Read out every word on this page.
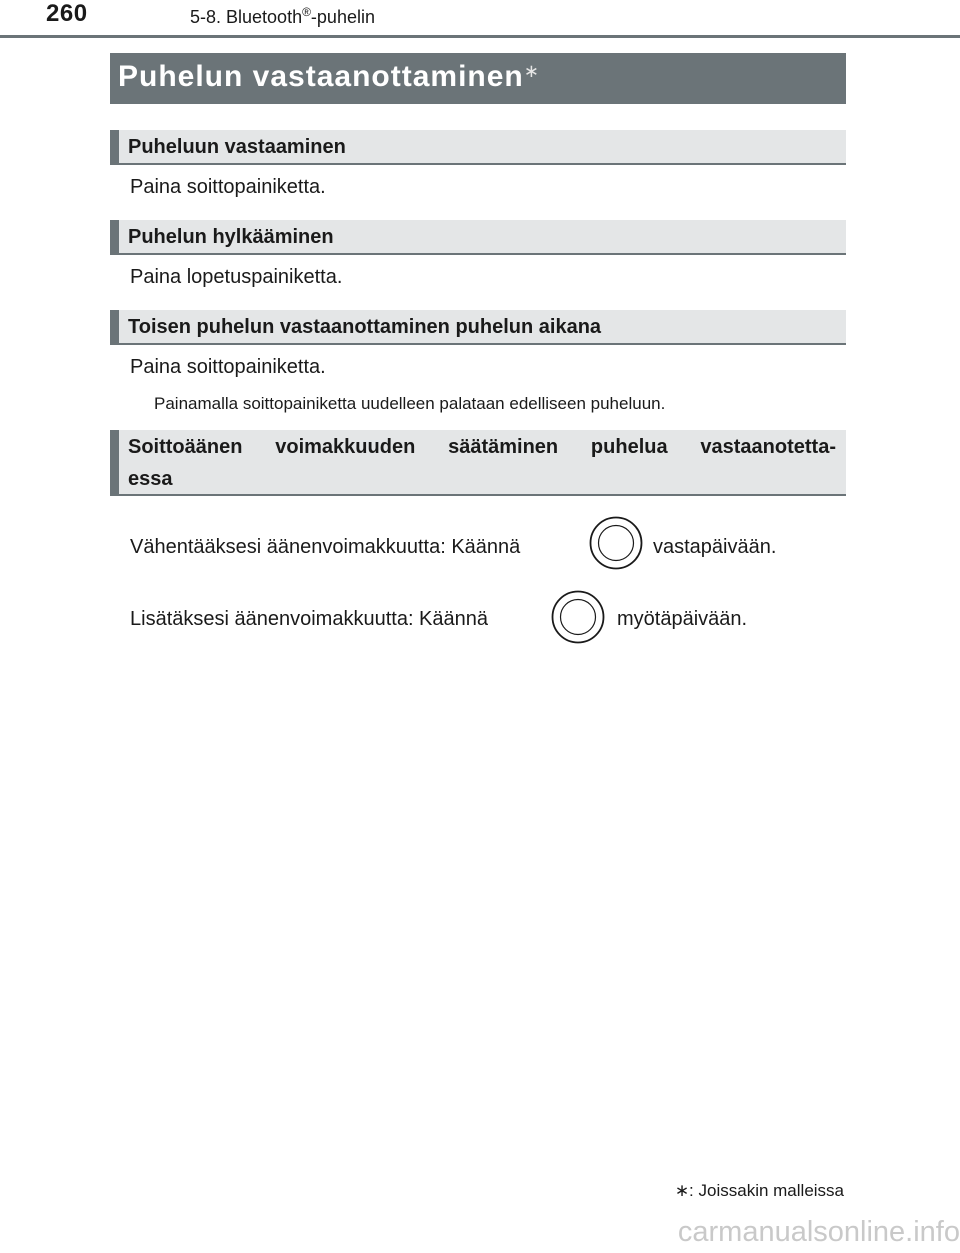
260	5-8. Bluetooth®-puhelin
Puhelun vastaanottaminen∗
Puheluun vastaaminen
Paina soittopainiketta.
Puhelun hylkääminen
Paina lopetuspainiketta.
Toisen puhelun vastaanottaminen puhelun aikana
Paina soittopainiketta.
Painamalla soittopainiketta uudelleen palataan edelliseen puheluun.
Soittoäänen voimakkuuden säätäminen puhelua vastaanotetta-
essa
Vähentääksesi äänenvoimakkuutta: Käännä	vastapäivään.
Lisätäksesi äänenvoimakkuutta: Käännä	myötäpäivään.
∗: Joissakin malleissa
carmanualsonline.info
